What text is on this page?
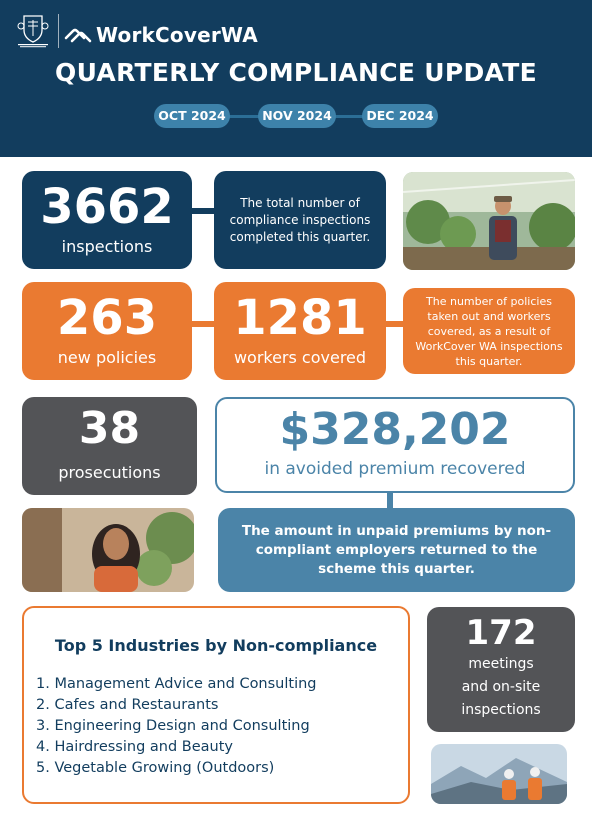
WorkCoverWA
QUARTERLY COMPLIANCE UPDATE
OCT 2024	NOV 2024	DEC 2024
3662
inspections
The total number of compliance inspections completed this quarter.
263
new policies
1281
workers covered
The number of policies taken out and workers covered, as a result of WorkCover WA inspections this quarter.
38
prosecutions
$328,202
in avoided premium recovered
The amount in unpaid premiums by non-compliant employers returned to the scheme this quarter.
Top 5 Industries by Non-compliance
1. Management Advice and Consulting
2. Cafes and Restaurants
3. Engineering Design and Consulting
4. Hairdressing and Beauty
5. Vegetable Growing (Outdoors)
172
meetings
and on-site
inspections
